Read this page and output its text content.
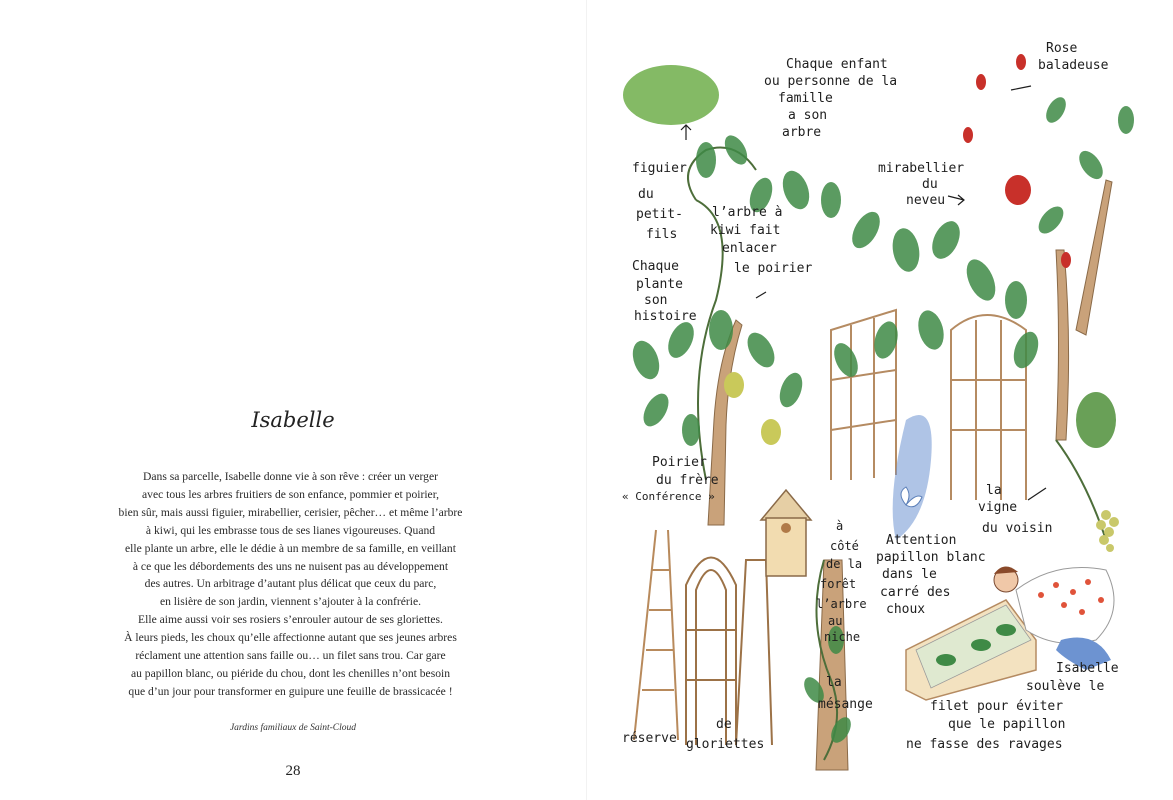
Isabelle
Dans sa parcelle, Isabelle donne vie à son rêve : créer un verger
avec tous les arbres fruitiers de son enfance, pommier et poirier,
bien sûr, mais aussi figuier, mirabellier, cerisier, pêcher… et même l’arbre
à kiwi, qui les embrasse tous de ses lianes vigoureuses. Quand
elle plante un arbre, elle le dédie à un membre de sa famille, en veillant
à ce que les débordements des uns ne nuisent pas au développement
des autres. Un arbitrage d’autant plus délicat que ceux du parc,
en lisière de son jardin, viennent s’ajouter à la confrérie.
Elle aime aussi voir ses rosiers s’enrouler autour de ses gloriettes.
À leurs pieds, les choux qu’elle affectionne autant que ses jeunes arbres
réclament une attention sans faille ou… un filet sans trou. Car gare
au papillon blanc, ou piéride du chou, dont les chenilles n’ont besoin
que d’un jour pour transformer en guipure une feuille de brassicacée !
Jardins familiaux de Saint-Cloud
28
Chaque enfant
ou personne de la
famille
a son
arbre
Rose
baladeuse
figuier
du
petit-
fils
mirabellier
du
neveu
l’arbre à
kiwi fait
enlacer
le poirier
Chaque
plante
son
histoire
Poirier
du frère
« Conférence »	la
vigne
du voisin
à
côté
de la
forêt
l’arbre
au
niche
Attention
papillon blanc
dans le
carré des
choux
la
mésange
réserve
de
gloriettes
Isabelle
soulève le
filet pour éviter
que le papillon
ne fasse des ravages
